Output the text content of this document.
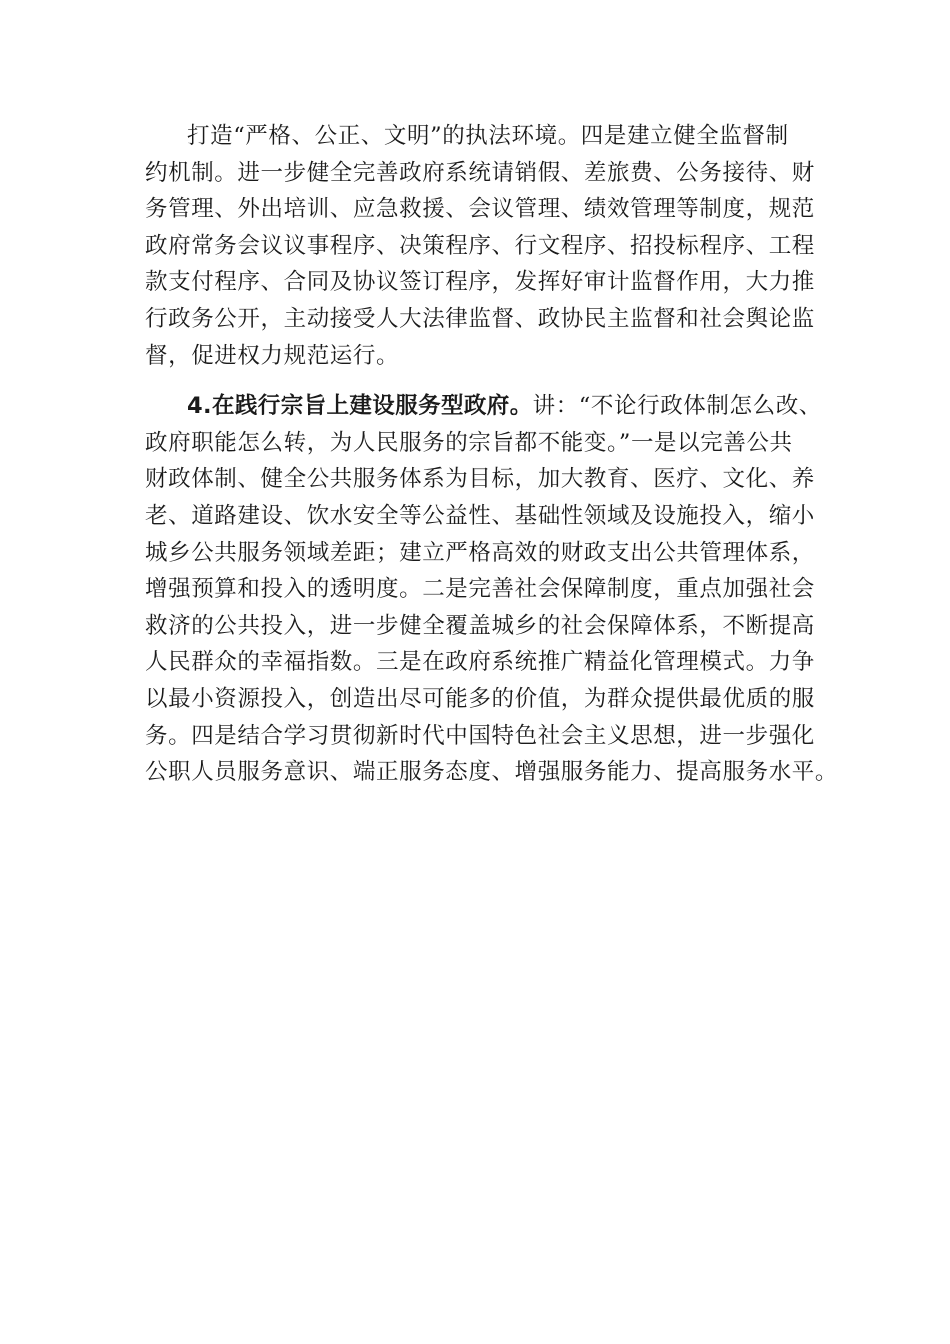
打造“严格、公正、文明”的执法环境。四是建立健全监督制
约机制。进一步健全完善政府系统请销假、差旅费、公务接待、财
务管理、外出培训、应急救援、会议管理、绩效管理等制度，规范
政府常务会议议事程序、决策程序、行文程序、招投标程序、工程
款支付程序、合同及协议签订程序，发挥好审计监督作用，大力推
行政务公开，主动接受人大法律监督、政协民主监督和社会舆论监
督，促进权力规范运行。

4.在践行宗旨上建设服务型政府。讲：“不论行政体制怎么改、
政府职能怎么转，为人民服务的宗旨都不能变。”一是以完善公共
财政体制、健全公共服务体系为目标，加大教育、医疗、文化、养
老、道路建设、饮水安全等公益性、基础性领域及设施投入，缩小
城乡公共服务领域差距；建立严格高效的财政支出公共管理体系，
增强预算和投入的透明度。二是完善社会保障制度，重点加强社会
救济的公共投入，进一步健全覆盖城乡的社会保障体系，不断提高
人民群众的幸福指数。三是在政府系统推广精益化管理模式。力争
以最小资源投入，创造出尽可能多的价值，为群众提供最优质的服
务。四是结合学习贯彻新时代中国特色社会主义思想，进一步强化
公职人员服务意识、端正服务态度、增强服务能力、提高服务水平。
